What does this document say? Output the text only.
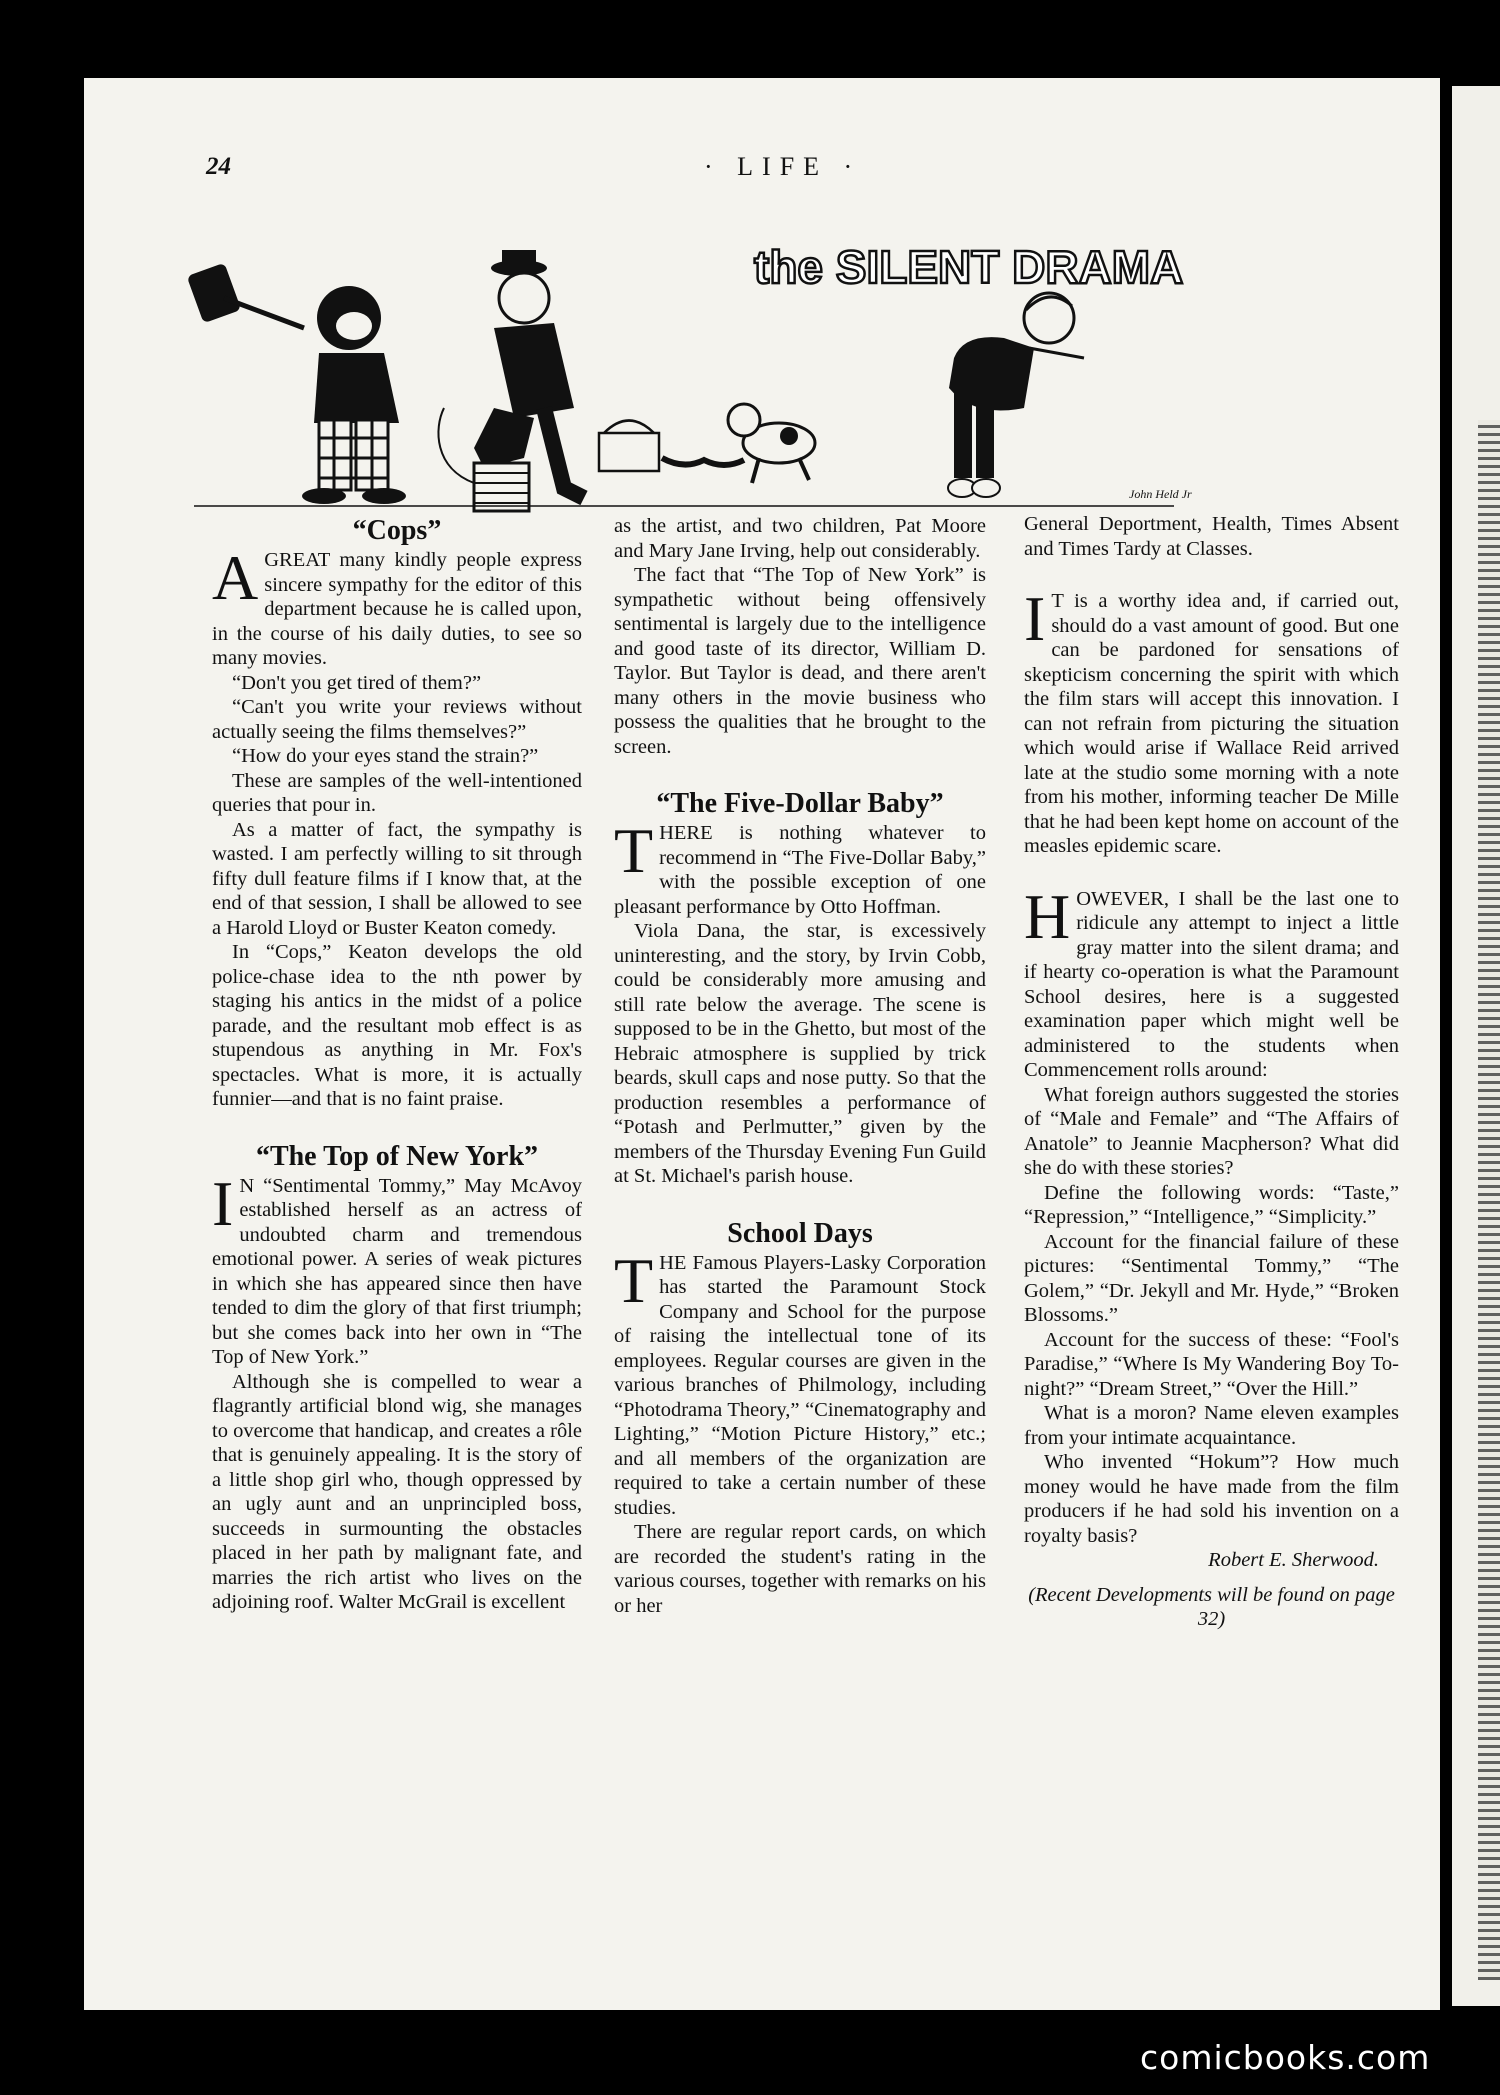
24	· LIFE ·
the SILENT DRAMA
John Held Jr
“Cops”

AGREAT many kindly people express sincere sympathy for the editor of this department because he is called upon, in the course of his daily duties, to see so many movies.

“Don't you get tired of them?”

“Can't you write your reviews without actually seeing the films themselves?”

“How do your eyes stand the strain?”

These are samples of the well-intentioned queries that pour in.

As a matter of fact, the sympathy is wasted. I am perfectly willing to sit through fifty dull feature films if I know that, at the end of that session, I shall be allowed to see a Harold Lloyd or Buster Keaton comedy.

In “Cops,” Keaton develops the old police-chase idea to the nth power by staging his antics in the midst of a police parade, and the resultant mob effect is as stupendous as anything in Mr. Fox's spectacles. What is more, it is actually funnier—and that is no faint praise.

“The Top of New York”

I N “Sentimental Tommy,” May McAvoy established herself as an actress of undoubted charm and tremendous emotional power. A series of weak pictures in which she has appeared since then have tended to dim the glory of that first triumph; but she comes back into her own in “The Top of New York.”

Although she is compelled to wear a flagrantly artificial blond wig, she manages to overcome that handicap, and creates a rôle that is genuinely appealing. It is the story of a little shop girl who, though oppressed by an ugly aunt and an unprincipled boss, succeeds in surmounting the obstacles placed in her path by malignant fate, and marries the rich artist who lives on the adjoining roof. Walter McGrail is excellent

as the artist, and two children, Pat Moore and Mary Jane Irving, help out considerably.

The fact that “The Top of New York” is sympathetic without being offensively sentimental is largely due to the intelligence and good taste of its director, William D. Taylor. But Taylor is dead, and there aren't many others in the movie business who possess the qualities that he brought to the screen.

“The Five-Dollar Baby”

THERE is nothing whatever to recommend in “The Five-Dollar Baby,” with the possible exception of one pleasant performance by Otto Hoffman.

Viola Dana, the star, is excessively uninteresting, and the story, by Irvin Cobb, could be considerably more amusing and still rate below the average. The scene is supposed to be in the Ghetto, but most of the Hebraic atmosphere is supplied by trick beards, skull caps and nose putty. So that the production resembles a performance of “Potash and Perlmutter,” given by the members of the Thursday Evening Fun Guild at St. Michael's parish house.

School Days

THE Famous Players-Lasky Corporation has started the Paramount Stock Company and School for the purpose of raising the intellectual tone of its employees. Regular courses are given in the various branches of Philmology, including “Photodrama Theory,” “Cinematography and Lighting,” “Motion Picture History,” etc.; and all members of the organization are required to take a certain number of these studies.

There are regular report cards, on which are recorded the student's rating in the various courses, together with remarks on his or her

General Deportment, Health, Times Absent and Times Tardy at Classes.

I T is a worthy idea and, if carried out, should do a vast amount of good. But one can be pardoned for sensations of skepticism concerning the spirit with which the film stars will accept this innovation. I can not refrain from picturing the situation which would arise if Wallace Reid arrived late at the studio some morning with a note from his mother, informing teacher De Mille that he had been kept home on account of the measles epidemic scare.

HOWEVER, I shall be the last one to ridicule any attempt to inject a little gray matter into the silent drama; and if hearty co-operation is what the Paramount School desires, here is a suggested examination paper which might well be administered to the students when Commencement rolls around:

What foreign authors suggested the stories of “Male and Female” and “The Affairs of Anatole” to Jeannie Macpherson? What did she do with these stories?

Define the following words: “Taste,” “Repression,” “Intelligence,” “Simplicity.”

Account for the financial failure of these pictures: “Sentimental Tommy,” “The Golem,” “Dr. Jekyll and Mr. Hyde,” “Broken Blossoms.”

Account for the success of these: “Fool's Paradise,” “Where Is My Wandering Boy To-night?” “Dream Street,” “Over the Hill.”

What is a moron? Name eleven examples from your intimate acquaintance.

Who invented “Hokum”? How much money would he have made from the film producers if he had sold his invention on a royalty basis?

Robert E. Sherwood.

(Recent Developments will be found on page 32)
comicbooks.com
